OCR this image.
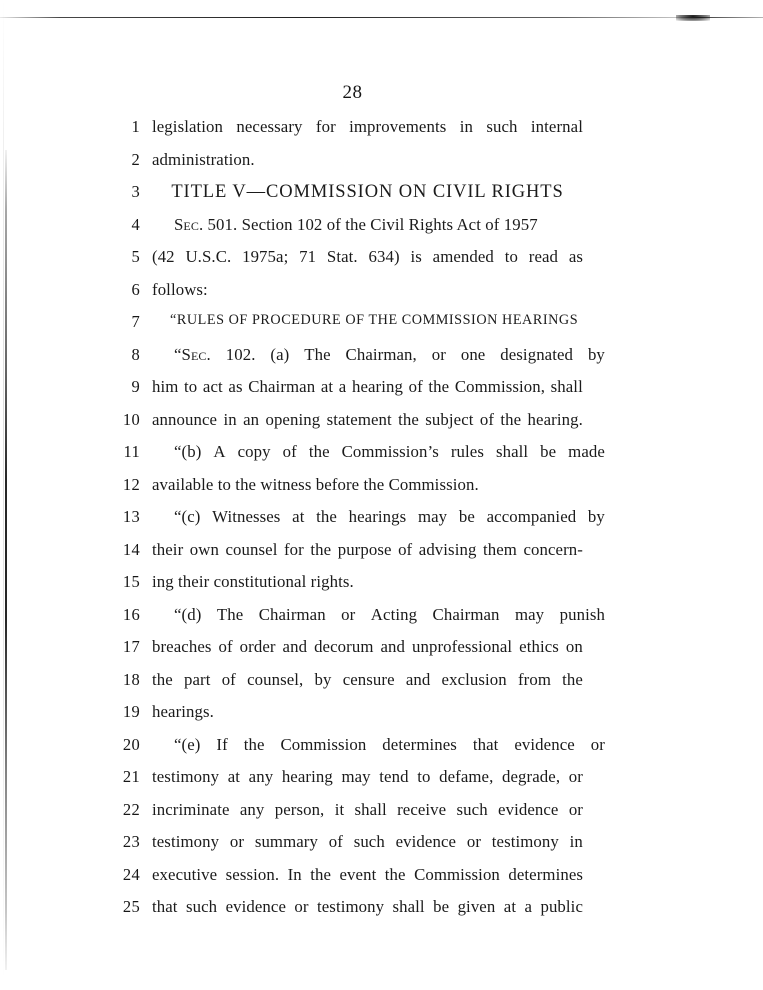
28
1 legislation necessary for improvements in such internal
2 administration.
3	TITLE V—COMMISSION ON CIVIL RIGHTS
4	Sec. 501. Section 102 of the Civil Rights Act of 1957
5 (42 U.S.C. 1975a; 71 Stat. 634) is amended to read as
6 follows:
7	“RULES OF PROCEDURE OF THE COMMISSION HEARINGS
8 “Sec. 102. (a) The Chairman, or one designated by
9 him to act as Chairman at a hearing of the Commission, shall
10 announce in an opening statement the subject of the hearing.
11 “(b) A copy of the Commission’s rules shall be made
12 available to the witness before the Commission.
13 “(c) Witnesses at the hearings may be accompanied by
14 their own counsel for the purpose of advising them concern-
15 ing their constitutional rights.
16 “(d) The Chairman or Acting Chairman may punish
17 breaches of order and decorum and unprofessional ethics on
18 the part of counsel, by censure and exclusion from the
19 hearings.
20 “(e) If the Commission determines that evidence or
21 testimony at any hearing may tend to defame, degrade, or
22 incriminate any person, it shall receive such evidence or
23 testimony or summary of such evidence or testimony in
24 executive session. In the event the Commission determines
25 that such evidence or testimony shall be given at a public
